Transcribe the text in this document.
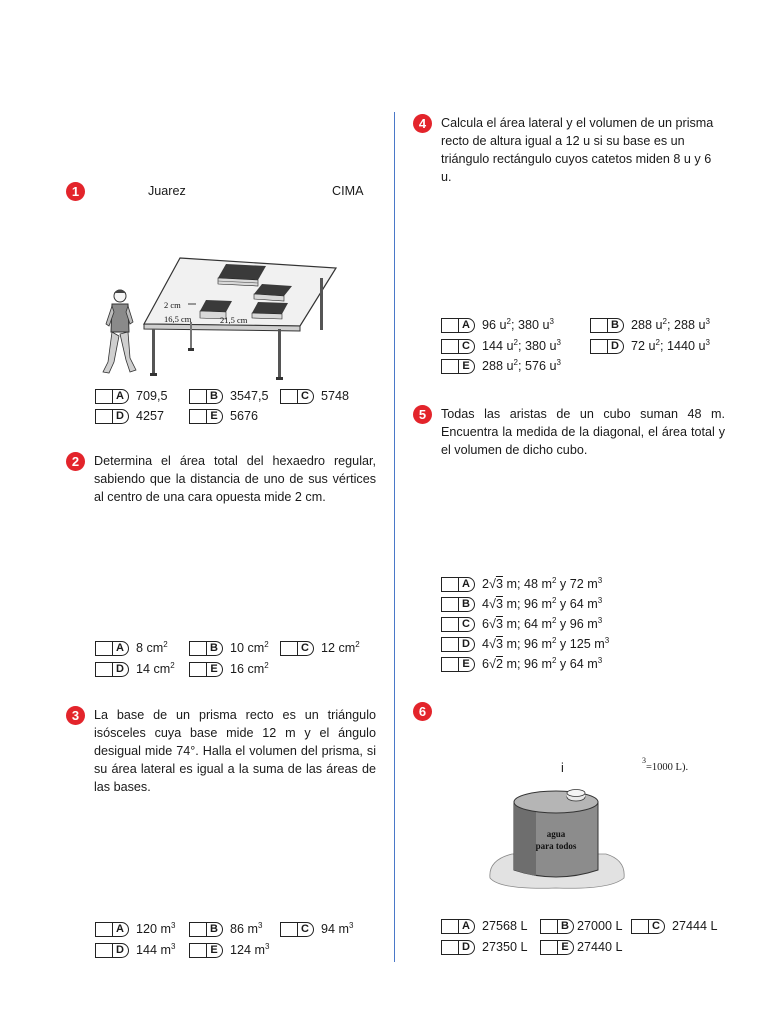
1	Juarez	CIMA
2 cm
16,5 cm	21,5 cm
A 709,5	B 3547,5	C 5748
D 4257	E 5676
2	Determina el área total del hexaedro regular, sabiendo que la distancia de uno de sus vértices al centro de una cara opuesta mide 2 cm.
A 8 $cm^2$	B 10 $cm^2$	C 12 $cm^2$
D 14 $cm^2$	E 16 $cm^2$
3	La base de un prisma recto es un triángulo isósceles cuya base mide 12 m y el ángulo desigual mide 74°. Halla el volumen del prisma, si su área lateral es igual a la suma de las áreas de las bases.
A 120 $m^3$	B 86 $m^3$	C 94 $m^3$
D 144 $m^3$	E 124 $m^3$
4	Calcula el área lateral y el volumen de un prisma recto de altura igual a 12 u si su base es un triángulo rectángulo cuyos catetos miden 8 u y 6 u.
A 96 $u^2$; 380 $u^3$	B 288 $u^2$; 288 $u^3$
C 144 $u^2$; 380 $u^3$	D 72 $u^2$; 1440 $u^3$
E 288 $u^2$; 576 $u^3$
5	Todas las aristas de un cubo suman 48 m. Encuentra la medida de la diagonal, el área total y el volumen de dicho cubo.
A 2√3 m; 48 $m^2$ y 72 $m^3$
B 4√3 m; 96 $m^2$ y 64 $m^3$
C 6√3 m; 64 $m^2$ y 96 $m^3$
D 4√3 m; 96 $m^2$ y 125 $m^3$
E 6√2 m; 96 $m^2$ y 64 $m^3$
6
i
3
=1000 L).
agua
para todos
A 27568 L	B 27000 L	C 27444 L
D 27350 L	E 27440 L
